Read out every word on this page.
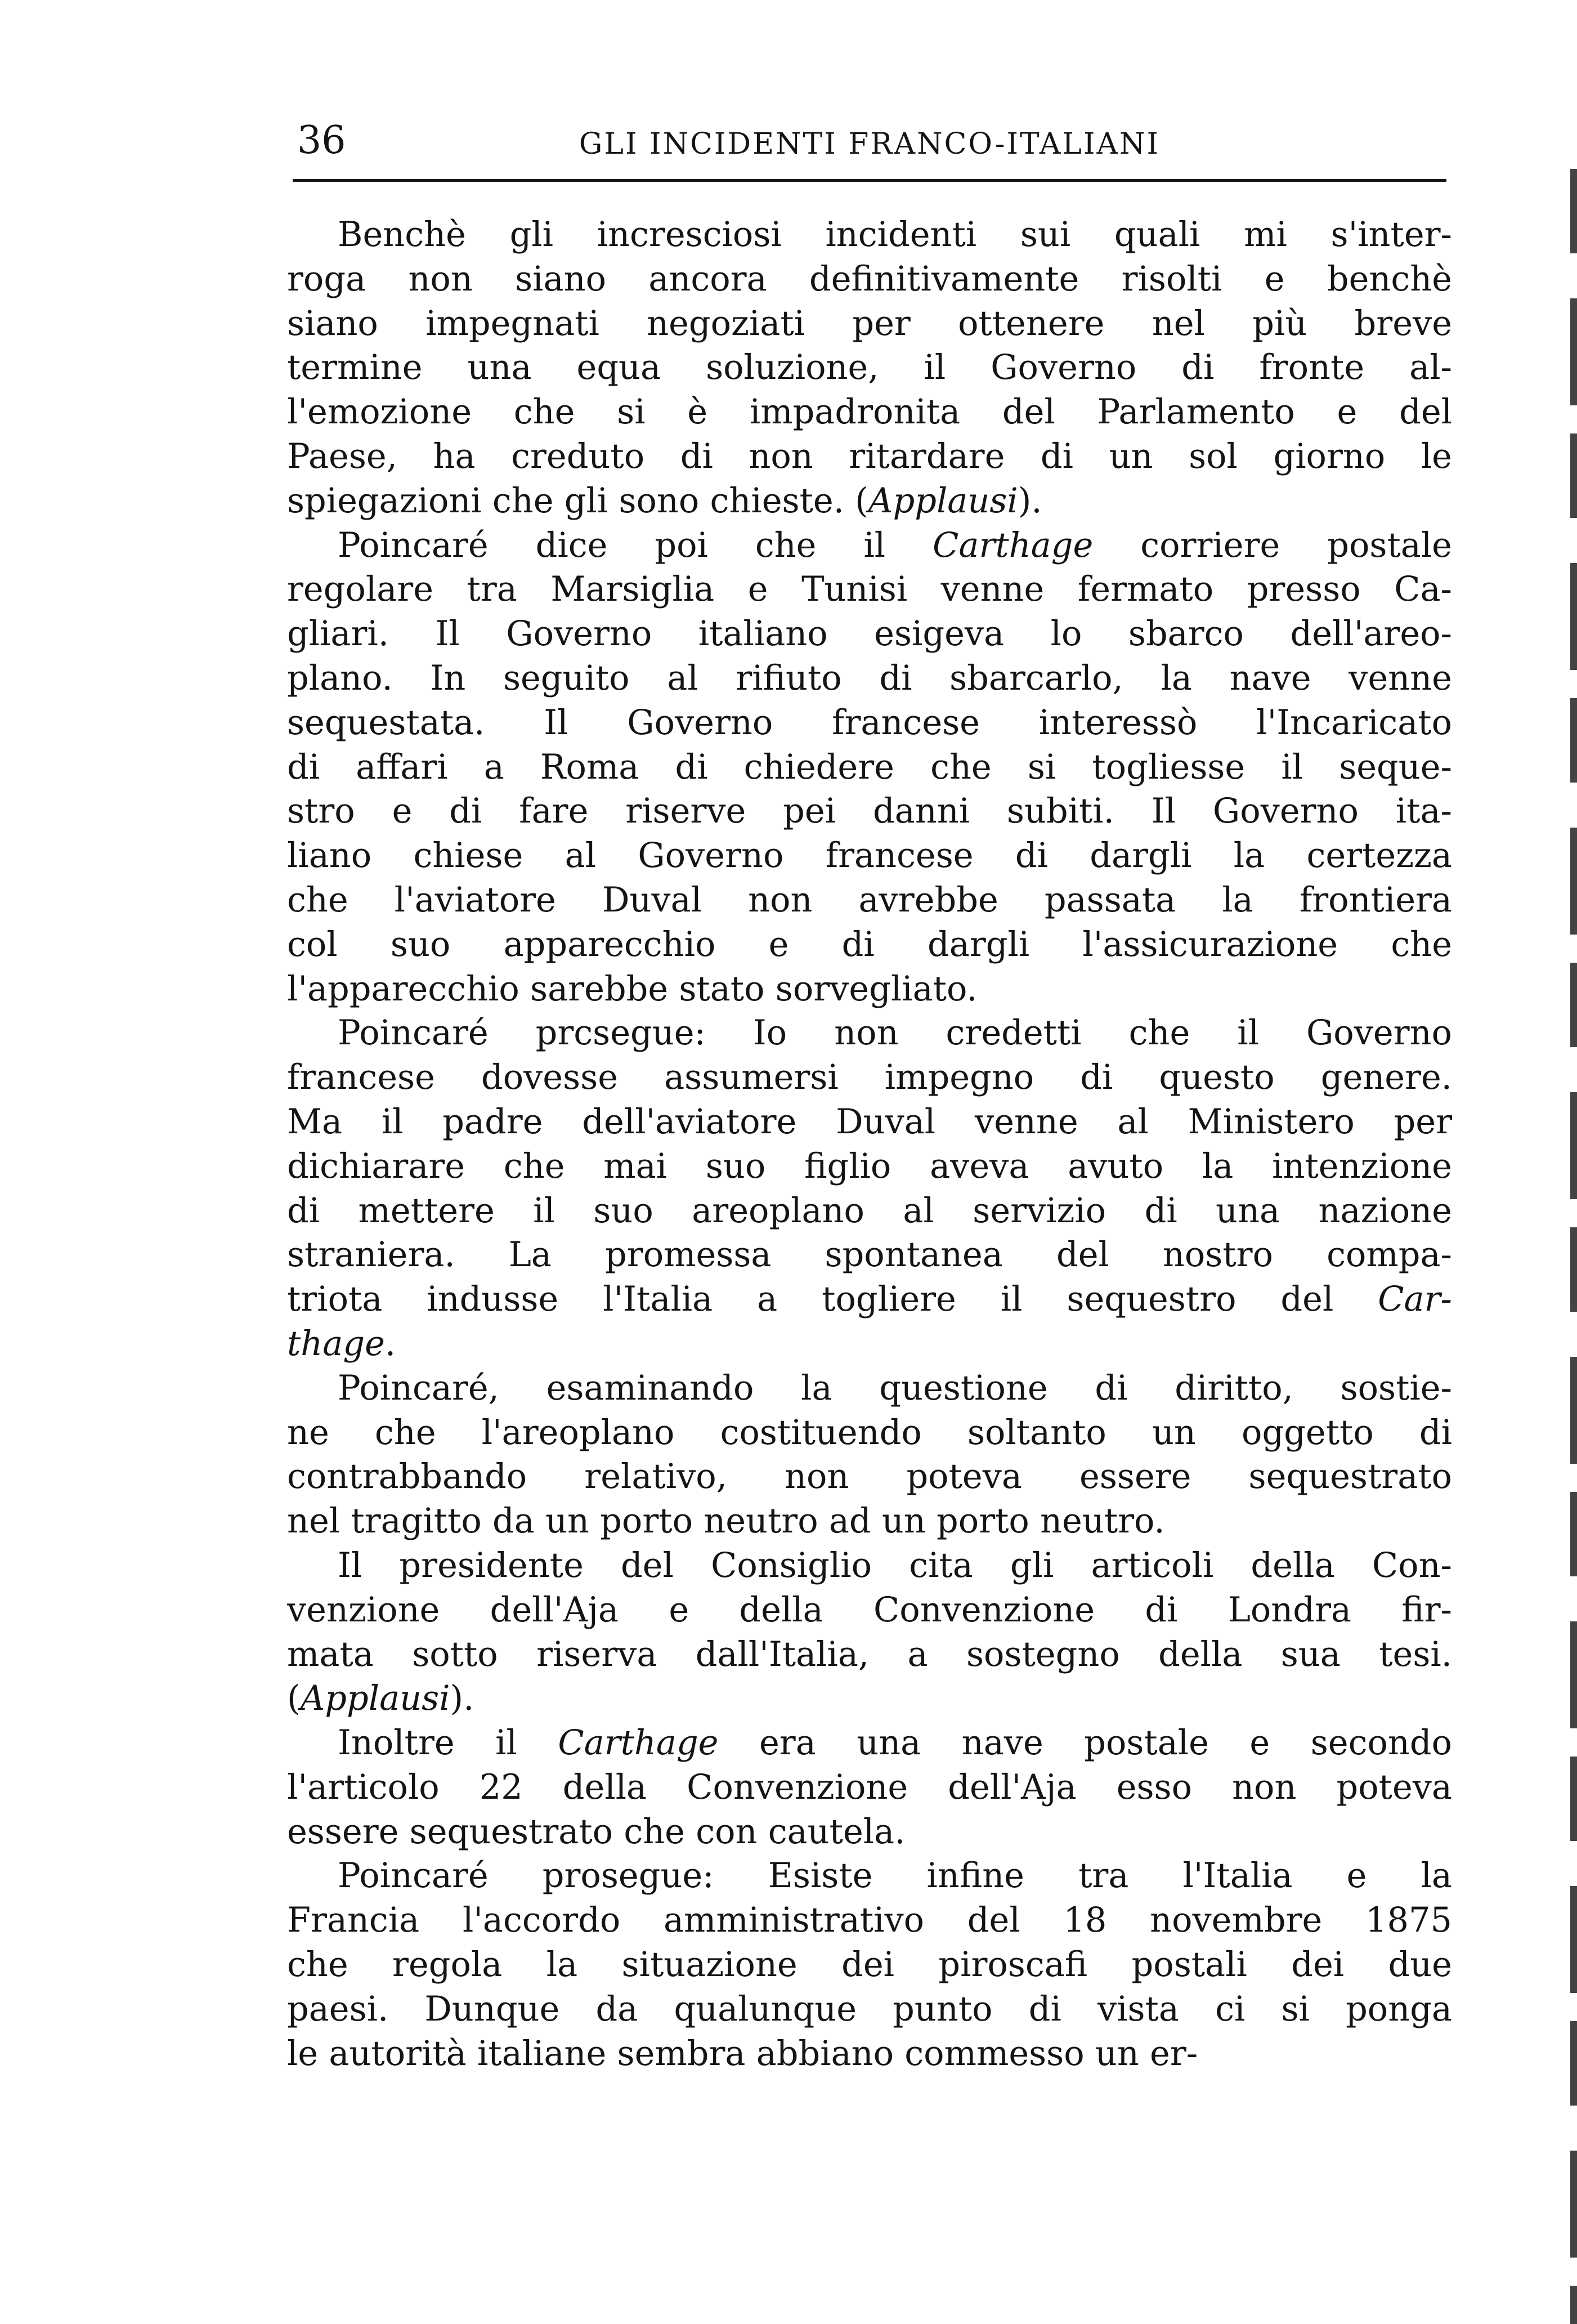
36	GLI INCIDENTI FRANCO-ITALIANI
Benchè gli incresciosi incidenti sui quali mi s'inter-
roga non siano ancora definitivamente risolti e benchè
siano impegnati negoziati per ottenere nel più breve
termine una equa soluzione, il Governo di fronte al-
l'emozione che si è impadronita del Parlamento e del
Paese, ha creduto di non ritardare di un sol giorno le
spiegazioni che gli sono chieste. (Applausi).
Poincaré dice poi che il Carthage corriere postale
regolare tra Marsiglia e Tunisi venne fermato presso Ca-
gliari. Il Governo italiano esigeva lo sbarco dell'areo-
plano. In seguito al rifiuto di sbarcarlo, la nave venne
sequestata. Il Governo francese interessò l'Incaricato
di affari a Roma di chiedere che si togliesse il seque-
stro e di fare riserve pei danni subiti. Il Governo ita-
liano chiese al Governo francese di dargli la certezza
che l'aviatore Duval non avrebbe passata la frontiera
col suo apparecchio e di dargli l'assicurazione che
l'apparecchio sarebbe stato sorvegliato.
Poincaré prcsegue: Io non credetti che il Governo
francese dovesse assumersi impegno di questo genere.
Ma il padre dell'aviatore Duval venne al Ministero per
dichiarare che mai suo figlio aveva avuto la intenzione
di mettere il suo areoplano al servizio di una nazione
straniera. La promessa spontanea del nostro compa-
triota indusse l'Italia a togliere il sequestro del Car-
thage.
Poincaré, esaminando la questione di diritto, sostie-
ne che l'areoplano costituendo soltanto un oggetto di
contrabbando relativo, non poteva essere sequestrato
nel tragitto da un porto neutro ad un porto neutro.
Il presidente del Consiglio cita gli articoli della Con-
venzione dell'Aja e della Convenzione di Londra fir-
mata sotto riserva dall'Italia, a sostegno della sua tesi.
(Applausi).
Inoltre il Carthage era una nave postale e secondo
l'articolo 22 della Convenzione dell'Aja esso non poteva
essere sequestrato che con cautela.
Poincaré prosegue: Esiste infine tra l'Italia e la
Francia l'accordo amministrativo del 18 novembre 1875
che regola la situazione dei piroscafi postali dei due
paesi. Dunque da qualunque punto di vista ci si ponga
le autorità italiane sembra abbiano commesso un er-
